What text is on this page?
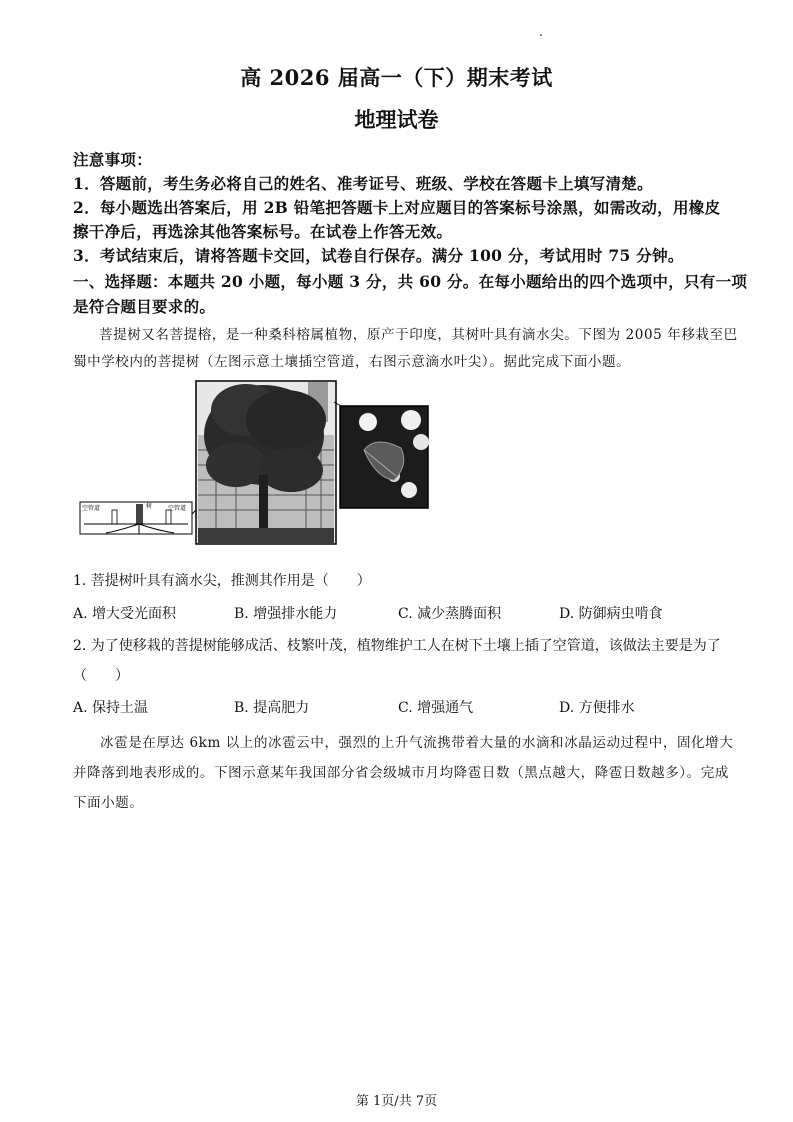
高 2026 届高一（下）期末考试
地理试卷
注意事项：
1．答题前，考生务必将自己的姓名、准考证号、班级、学校在答题卡上填写清楚。
2．每小题选出答案后，用 2B 铅笔把答题卡上对应题目的答案标号涂黑，如需改动，用橡皮
擦干净后，再选涂其他答案标号。在试卷上作答无效。
3．考试结束后，请将答题卡交回，试卷自行保存。满分 100 分，考试用时 75 分钟。
一、选择题：本题共 20 小题，每小题 3 分，共 60 分。在每小题给出的四个选项中，只有一项
是符合题目要求的。
菩提树又名菩提榕，是一种桑科榕属植物，原产于印度，其树叶具有滴水尖。下图为 2005 年移栽至巴
蜀中学校内的菩提树（左图示意土壤插空管道，右图示意滴水叶尖）。据此完成下面小题。
空管道	树	空管道
1. 菩提树叶具有滴水尖，推测其作用是（　　）
A. 增大受光面积	B. 增强排水能力	C. 减少蒸腾面积	D. 防御病虫啃食
2. 为了使移栽的菩提树能够成活、枝繁叶茂，植物维护工人在树下土壤上插了空管道，该做法主要是为了
（　　）
A. 保持土温	B. 提高肥力	C. 增强通气	D. 方便排水
冰雹是在厚达 6km 以上的冰雹云中，强烈的上升气流携带着大量的水滴和冰晶运动过程中，固化增大
并降落到地表形成的。下图示意某年我国部分省会级城市月均降雹日数（黑点越大，降雹日数越多）。完成
下面小题。
第 1页/共 7页
